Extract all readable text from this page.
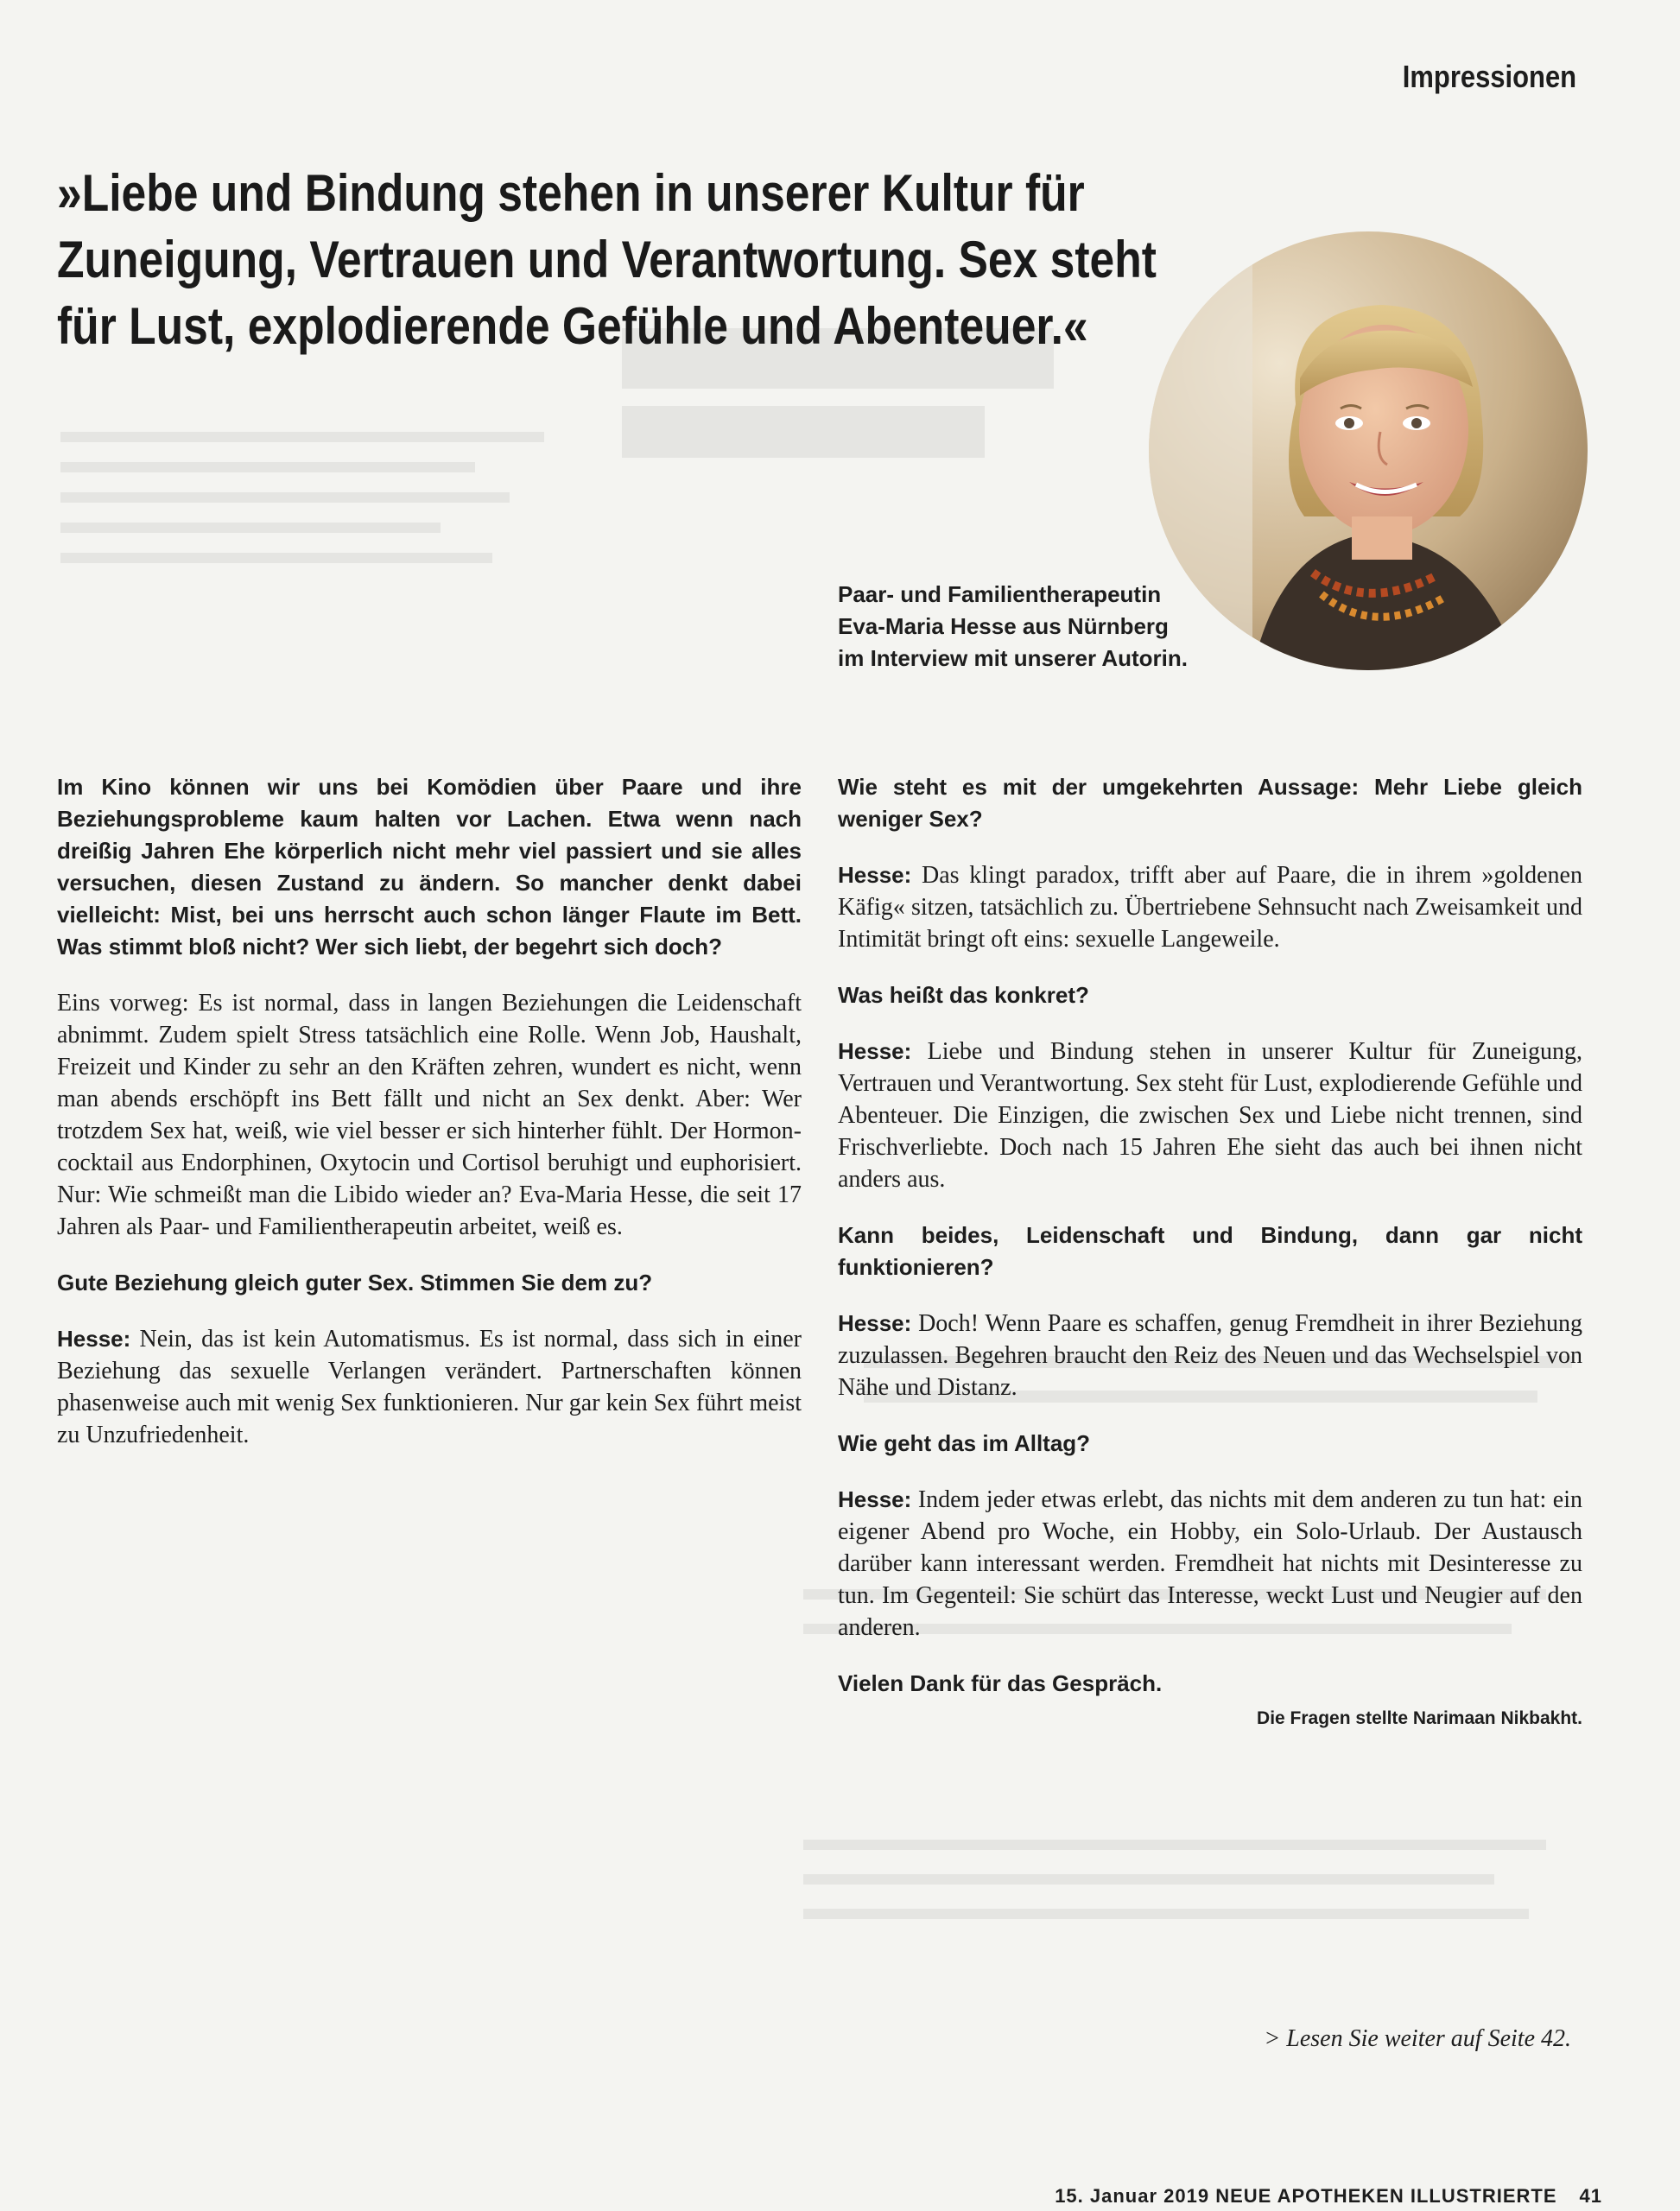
Impressionen
»Liebe und Bindung stehen in unserer Kultur für Zuneigung, Vertrauen und Verantwortung. Sex steht für Lust, explodierende Gefühle und Abenteuer.«
Paar- und Familientherapeutin
Eva-Maria Hesse aus Nürnberg
im Interview mit unserer Autorin.

Im Kino können wir uns bei Komödien über Paare und ihre Beziehungsprobleme kaum halten vor Lachen. Etwa wenn nach dreißig Jahren Ehe körperlich nicht mehr viel passiert und sie alles versuchen, diesen Zustand zu ändern. So mancher denkt dabei vielleicht: Mist, bei uns herrscht auch schon länger Flaute im Bett. Was stimmt bloß nicht? Wer sich liebt, der begehrt sich doch?

Eins vorweg: Es ist normal, dass in langen Beziehungen die Leidenschaft abnimmt. Zudem spielt Stress tatsächlich eine Rolle. Wenn Job, Haushalt, Freizeit und Kinder zu sehr an den Kräften zehren, wundert es nicht, wenn man abends erschöpft ins Bett fällt und nicht an Sex denkt. Aber: Wer trotzdem Sex hat, weiß, wie viel besser er sich hinterher fühlt. Der Hormoncocktail aus Endorphinen, Oxytocin und Cortisol beruhigt und euphorisiert. Nur: Wie schmeißt man die Libido wieder an? Eva-Maria Hesse, die seit 17 Jahren als Paar- und Familientherapeutin arbeitet, weiß es.

Gute Beziehung gleich guter Sex. Stimmen Sie dem zu?

Hesse: Nein, das ist kein Automatismus. Es ist normal, dass sich in einer Beziehung das sexuelle Verlangen verändert. Partnerschaften können phasenweise auch mit wenig Sex funktionieren. Nur gar kein Sex führt meist zu Unzufriedenheit.

Wie steht es mit der umgekehrten Aussage: Mehr Liebe gleich weniger Sex?

Hesse: Das klingt paradox, trifft aber auf Paare, die in ihrem »goldenen Käfig« sitzen, tatsächlich zu. Übertriebene Sehnsucht nach Zweisamkeit und Intimität bringt oft eins: sexuelle Langeweile.

Was heißt das konkret?

Hesse: Liebe und Bindung stehen in unserer Kultur für Zuneigung, Vertrauen und Verantwortung. Sex steht für Lust, explodierende Gefühle und Abenteuer. Die Einzigen, die zwischen Sex und Liebe nicht trennen, sind Frischverliebte. Doch nach 15 Jahren Ehe sieht das auch bei ihnen nicht anders aus.

Kann beides, Leidenschaft und Bindung, dann gar nicht funktionieren?

Hesse: Doch! Wenn Paare es schaffen, genug Fremdheit in ihrer Beziehung zuzulassen. Begehren braucht den Reiz des Neuen und das Wechselspiel von Nähe und Distanz.

Wie geht das im Alltag?

Hesse: Indem jeder etwas erlebt, das nichts mit dem anderen zu tun hat: ein eigener Abend pro Woche, ein Hobby, ein Solo-Urlaub. Der Austausch darüber kann interessant werden. Fremdheit hat nichts mit Desinteresse zu tun. Im Gegenteil: Sie schürt das Interesse, weckt Lust und Neugier auf den anderen.

Vielen Dank für das Gespräch.

Die Fragen stellte Narimaan Nikbakht.
> Lesen Sie weiter auf Seite 42.
15. Januar 2019 NEUE APOTHEKEN ILLUSTRIERTE 41
